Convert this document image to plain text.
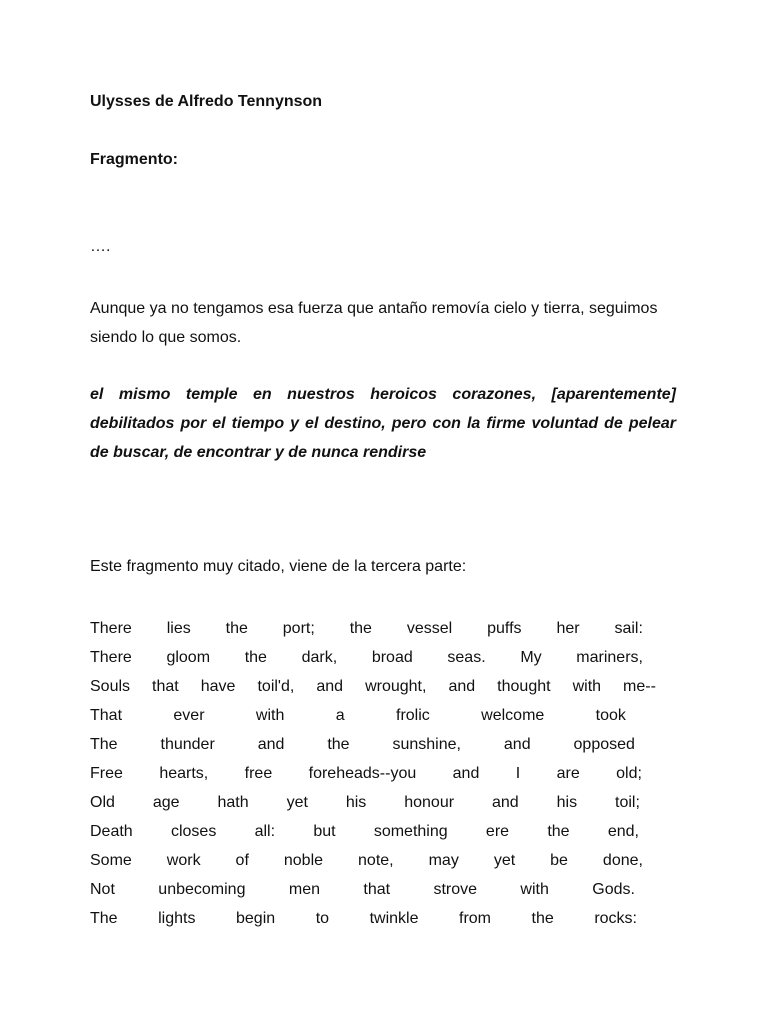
Ulysses de Alfredo Tennynson

Fragmento:

….

Aunque ya no tengamos esa fuerza que antaño removía cielo y tierra, seguimos siendo lo que somos.

el mismo temple en nuestros heroicos corazones, [aparentemente] debilitados por el tiempo y el destino, pero con la firme voluntad de pelear de buscar, de encontrar y de nunca rendirse

Este fragmento muy citado, viene de la tercera parte:

There lies the port; the vessel puffs her sail:
There gloom the dark, broad seas. My mariners,
Souls that have toil'd, and wrought, and thought with me--
That	ever	with	a	frolic	welcome	took
The	thunder	and	the	sunshine,	and	opposed
Free hearts, free foreheads--you and I are old;
Old age hath yet his honour and his toil;
Death closes all: but something ere the end,
Some work of noble note, may yet be done,
Not	unbecoming	men	that	strove	with	Gods.
The	lights	begin	to	twinkle	from	the	rocks:
